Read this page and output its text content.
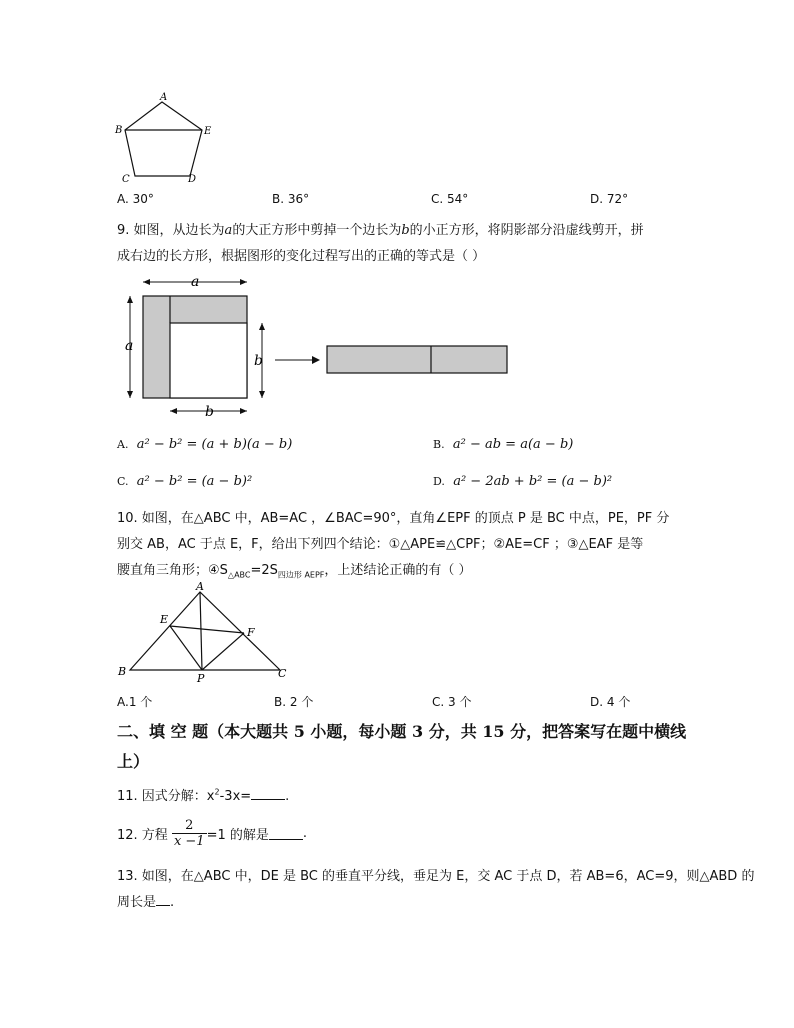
A
B	E
C	D
A. 30°	B. 36°	C. 54°	D. 72°
9. 如图，从边长为a的大正方形中剪掉一个边长为b的小正方形，将阴影部分沿虚线剪开，拼
成右边的长方形，根据图形的变化过程写出的正确的等式是（ ）
a
a
b
b
A. a² − b² = (a + b)(a − b)	B. a² − ab = a(a − b)
C. a² − b² = (a − b)²	D. a² − 2ab + b² = (a − b)²
10. 如图，在△ABC 中，AB=AC ，∠BAC=90°，直角∠EPF 的顶点 P 是 BC 中点，PE，PF 分
别交 AB，AC 于点 E，F，给出下列四个结论：①△APE≌△CPF；②AE=CF ；③△EAF 是等
腰直角三角形；$④S_{\triangle ABC}=2S_{四边形 AEPF}$，上述结论正确的有（ ）
A
E
F
B
P	C
A.1 个	B. 2 个	C. 3 个	D. 4 个
二、填 空 题（本大题共 5 小题，每小题 3 分，共 15 分，把答案写在题中横线
上）
11. 因式分解：$x^2-3x=$	.
12. 方程 $\frac{2}{x -1} =1$ 的解是	.
13. 如图，在△ABC 中，DE 是 BC 的垂直平分线，垂足为 E，交 AC 于点 D，若 AB=6，AC=9，则△ABD 的
周长是 .
